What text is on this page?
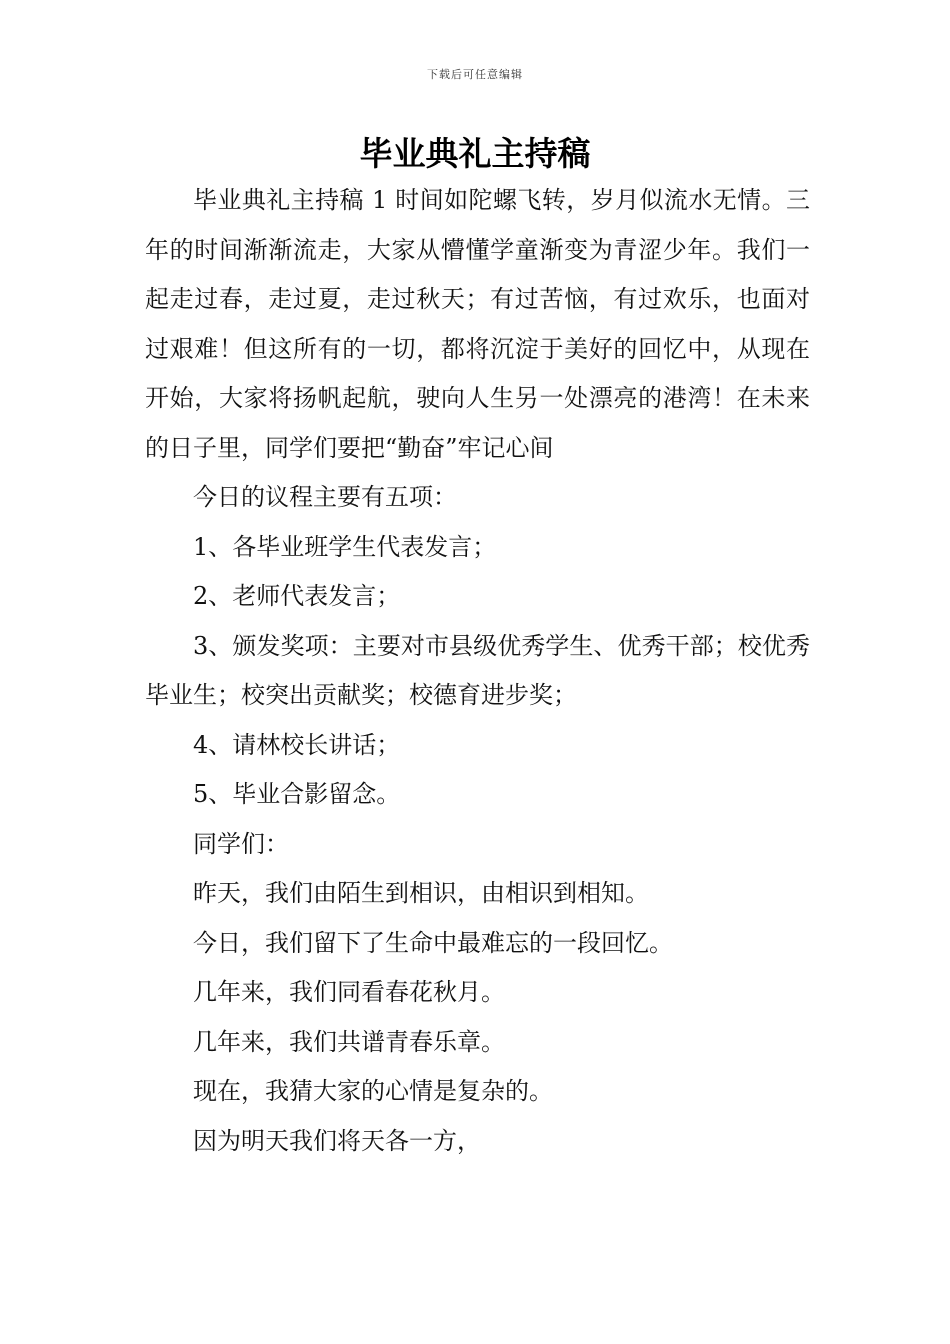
下载后可任意编辑
毕业典礼主持稿

毕业典礼主持稿 1 时间如陀螺飞转，岁月似流水无情。三年的时间渐渐流走，大家从懵懂学童渐变为青涩少年。我们一起走过春，走过夏，走过秋天；有过苦恼，有过欢乐，也面对过艰难！但这所有的一切，都将沉淀于美好的回忆中，从现在开始，大家将扬帆起航，驶向人生另一处漂亮的港湾！在未来的日子里，同学们要把“勤奋”牢记心间

今日的议程主要有五项：

1、各毕业班学生代表发言；

2、老师代表发言；

3、颁发奖项：主要对市县级优秀学生、优秀干部；校优秀毕业生；校突出贡献奖；校德育进步奖；

4、请林校长讲话；

5、毕业合影留念。

同学们：

昨天，我们由陌生到相识，由相识到相知。

今日，我们留下了生命中最难忘的一段回忆。

几年来，我们同看春花秋月。

几年来，我们共谱青春乐章。

现在，我猜大家的心情是复杂的。

因为明天我们将天各一方，
